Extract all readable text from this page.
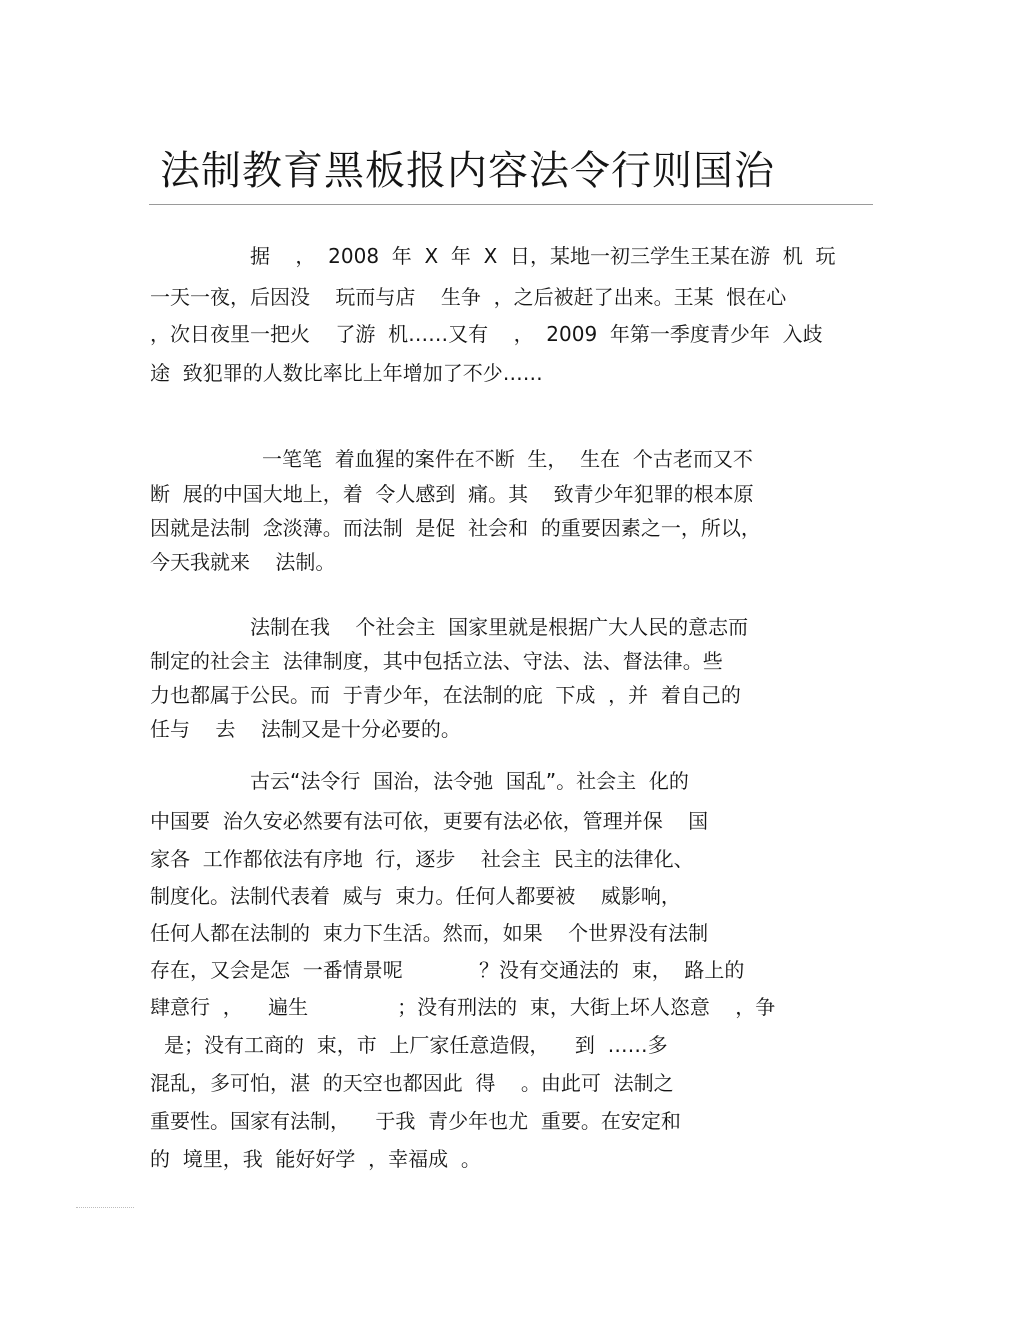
法制教育黑板报内容法令行则国治

据    ，  2008  年  X  年  X  日，某地一初三学生王某在游  机  玩

一天一夜，后因没    玩而与店    生争  ，之后被赶了出来。王某  恨在心

，次日夜里一把火    了游  机……又有    ，  2009  年第一季度青少年  入歧

途  致犯罪的人数比率比上年增加了不少……

一笔笔  着血猩的案件在不断  生，  生在  个古老而又不

断  展的中国大地上，着  令人感到  痛。其    致青少年犯罪的根本原

因就是法制  念淡薄。而法制  是促  社会和  的重要因素之一，所以，

今天我就来    法制。

法制在我    个社会主  国家里就是根据广大人民的意志而

制定的社会主  法律制度，其中包括立法、守法、法、督法律。些

力也都属于公民。而  于青少年，在法制的庇  下成  ，并  着自己的

任与    去    法制又是十分必要的。

古云“法令行  国治，法令弛  国乱”。社会主  化的

中国要  治久安必然要有法可依，更要有法必依，管理并保    国

家各  工作都依法有序地  行，逐步    社会主  民主的法律化、

制度化。法制代表着  威与  束力。任何人都要被    威影响，

任何人都在法制的  束力下生活。然而，如果    个世界没有法制

存在，又会是怎  一番情景呢            ？没有交通法的  束，  路上的

肆意行  ，    遍生              ；没有刑法的  束，大街上坏人恣意    ，争

是；没有工商的  束，市  上厂家任意造假，    到  ……多

混乱，多可怕，湛  的天空也都因此  得    。由此可  法制之

重要性。国家有法制，    于我  青少年也尤  重要。在安定和

的  境里，我  能好好学  ，幸福成  。
